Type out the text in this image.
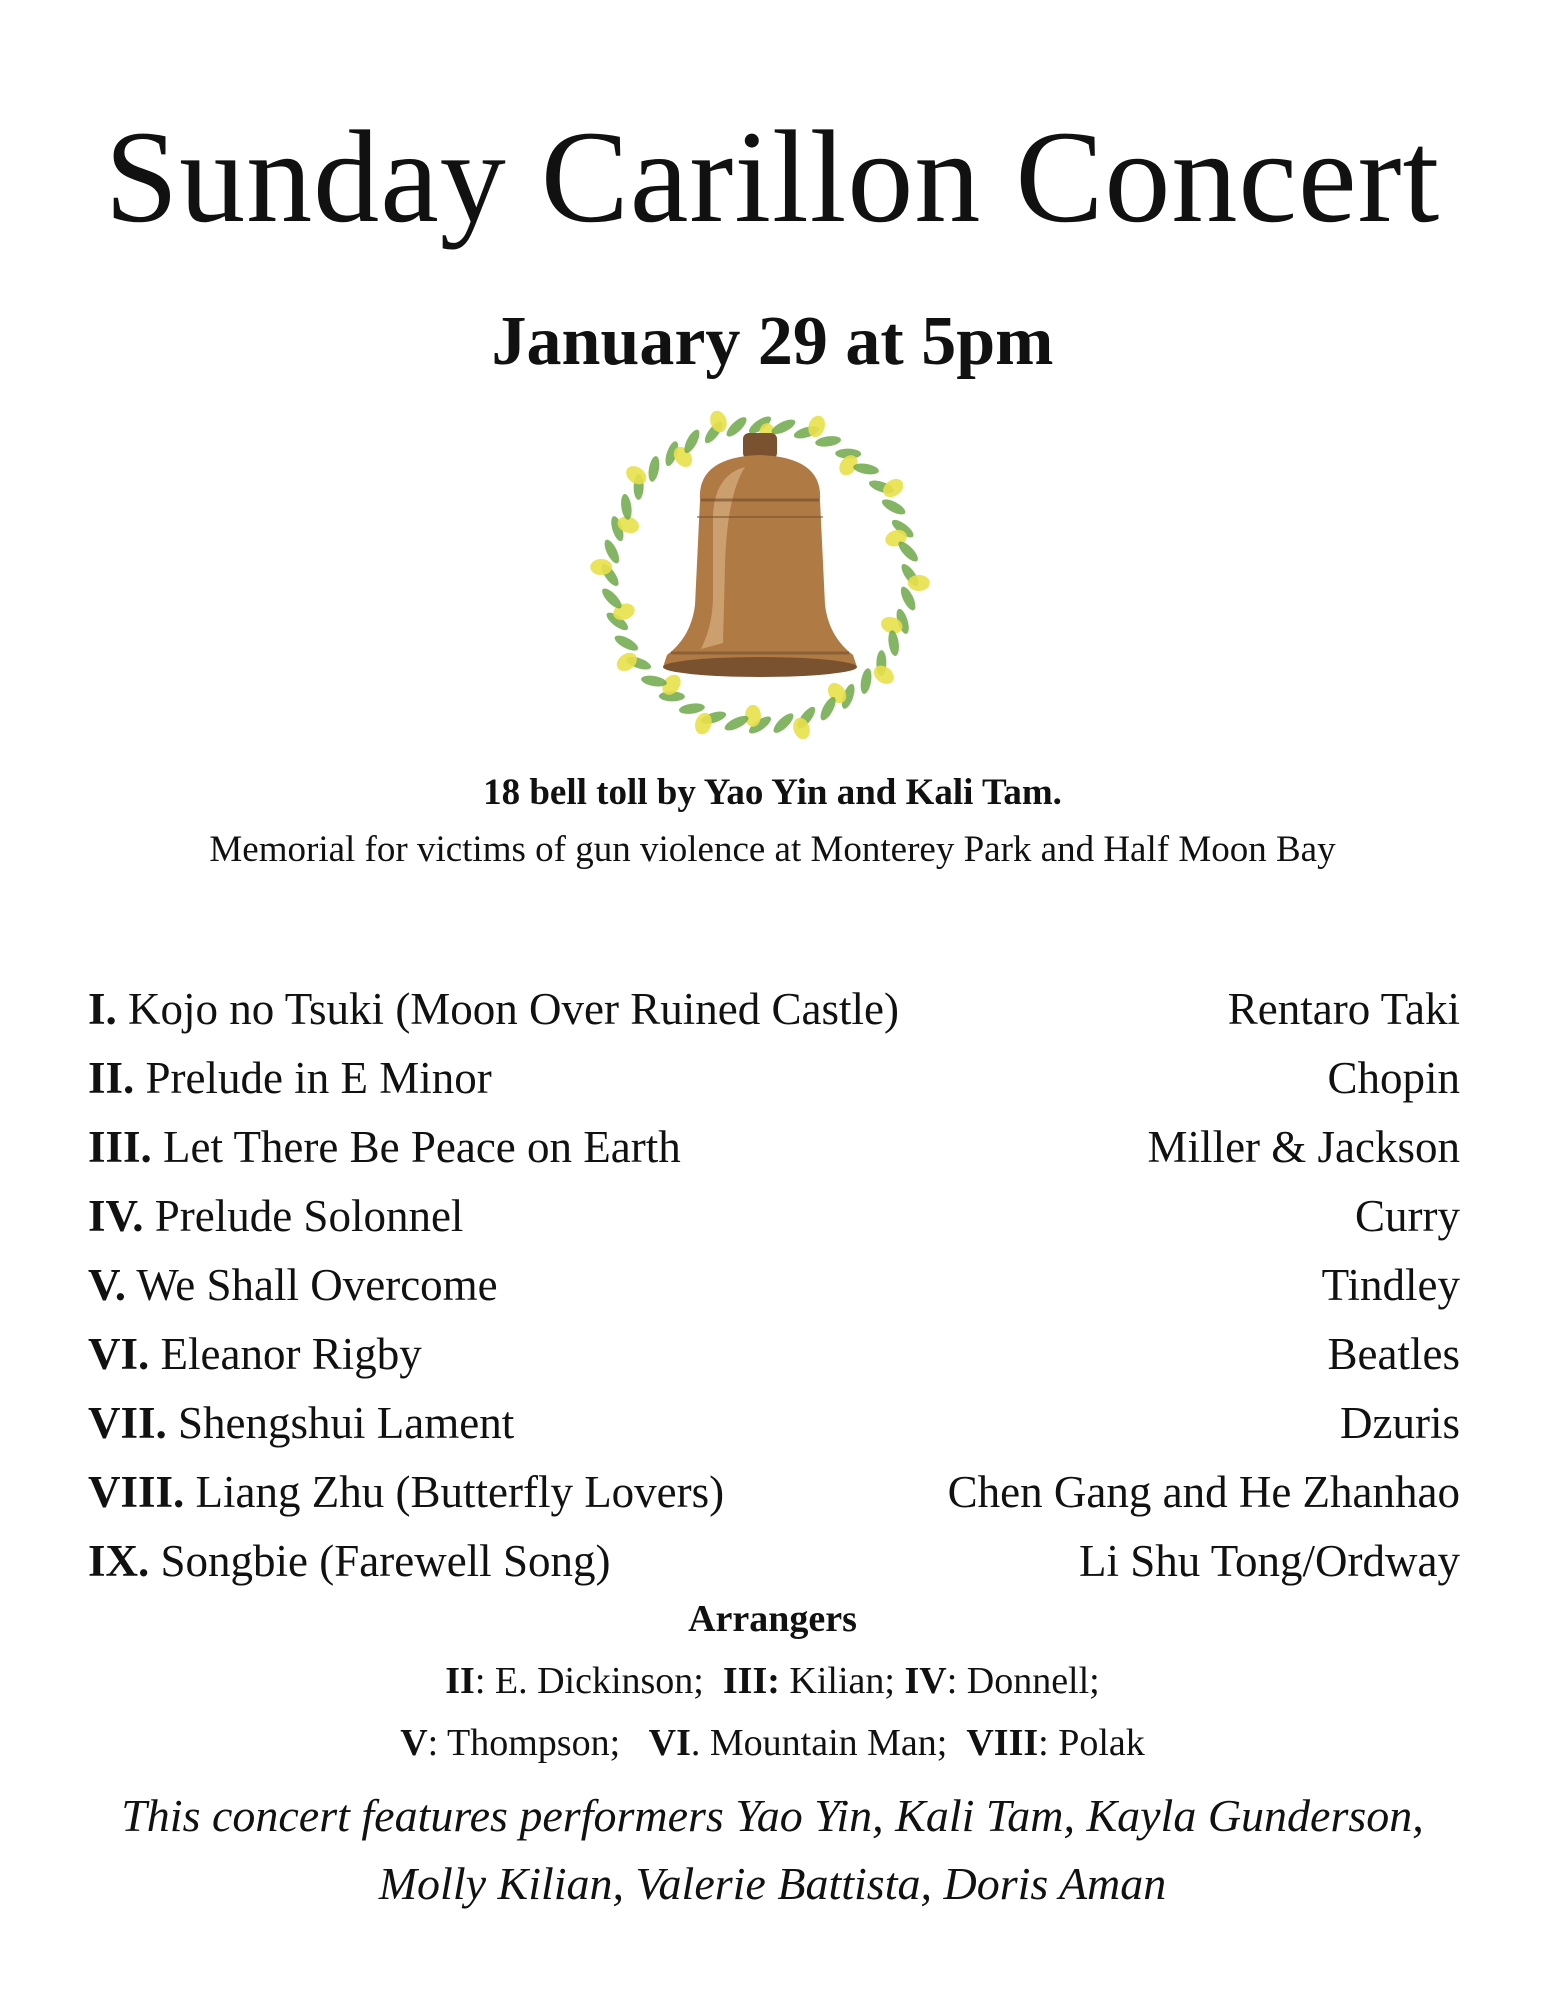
Sunday Carillon Concert
January 29 at 5pm
18 bell toll by Yao Yin and Kali Tam.
Memorial for victims of gun violence at Monterey Park and Half Moon Bay
I. Kojo no Tsuki (Moon Over Ruined Castle)	Rentaro Taki
II. Prelude in E Minor	Chopin
III. Let There Be Peace on Earth	Miller & Jackson
IV. Prelude Solonnel	Curry
V. We Shall Overcome	Tindley
VI. Eleanor Rigby	Beatles
VII. Shengshui Lament	Dzuris
VIII. Liang Zhu (Butterfly Lovers)	Chen Gang and He Zhanhao
IX. Songbie (Farewell Song)	Li Shu Tong/Ordway
Arrangers
II: E. Dickinson;  III: Kilian; IV: Donnell;
V: Thompson;   VI. Mountain Man;  VIII: Polak
This concert features performers Yao Yin, Kali Tam, Kayla Gunderson,
Molly Kilian, Valerie Battista, Doris Aman
